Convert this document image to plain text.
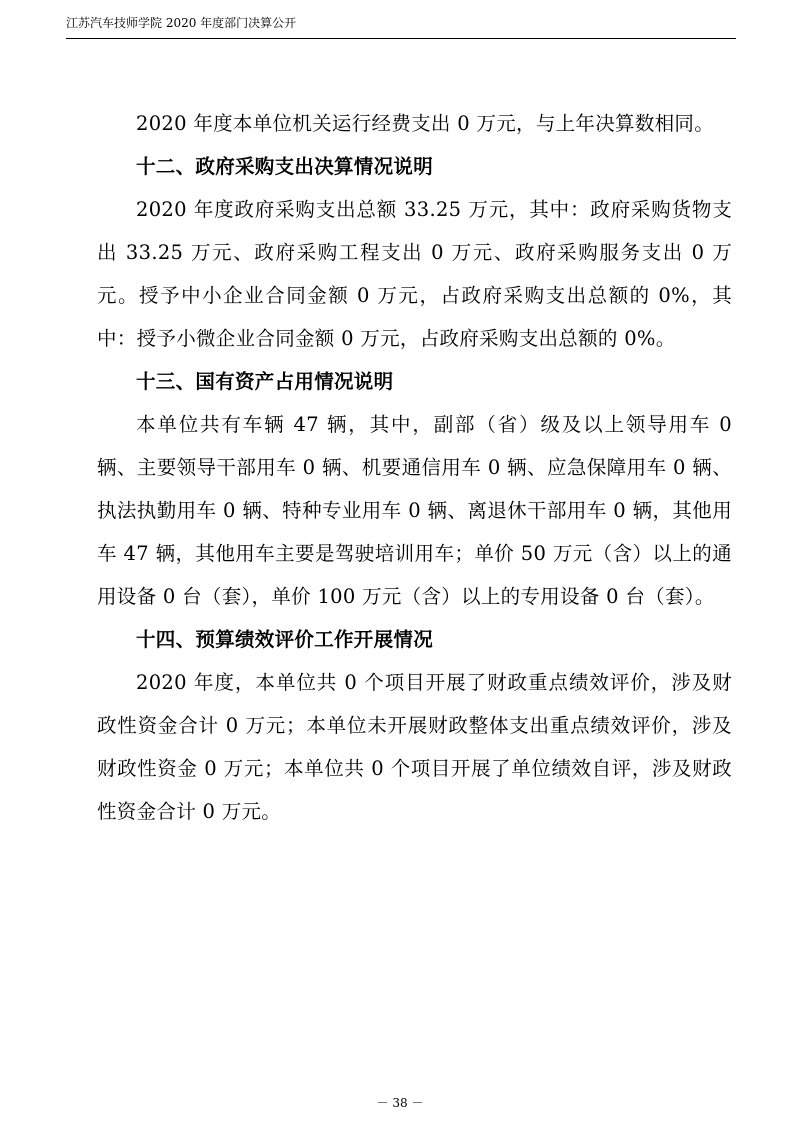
江苏汽车技师学院 2020 年度部门决算公开

2020 年度本单位机关运行经费支出 0 万元，与上年决算数相同。

十二、政府采购支出决算情况说明

2020 年度政府采购支出总额 33.25 万元，其中：政府采购货物支出 33.25 万元、政府采购工程支出 0 万元、政府采购服务支出 0 万元。授予中小企业合同金额 0 万元，占政府采购支出总额的 0%，其中：授予小微企业合同金额 0 万元，占政府采购支出总额的 0%。

十三、国有资产占用情况说明

本单位共有车辆 47 辆，其中，副部（省）级及以上领导用车 0 辆、主要领导干部用车 0 辆、机要通信用车 0 辆、应急保障用车 0 辆、执法执勤用车 0 辆、特种专业用车 0 辆、离退休干部用车 0 辆，其他用车 47 辆，其他用车主要是驾驶培训用车；单价 50 万元（含）以上的通用设备 0 台（套），单价 100 万元（含）以上的专用设备 0 台（套）。

十四、预算绩效评价工作开展情况

2020 年度，本单位共 0 个项目开展了财政重点绩效评价，涉及财政性资金合计 0 万元；本单位未开展财政整体支出重点绩效评价，涉及财政性资金 0 万元；本单位共 0 个项目开展了单位绩效自评，涉及财政性资金合计 0 万元。

－ 38 －
